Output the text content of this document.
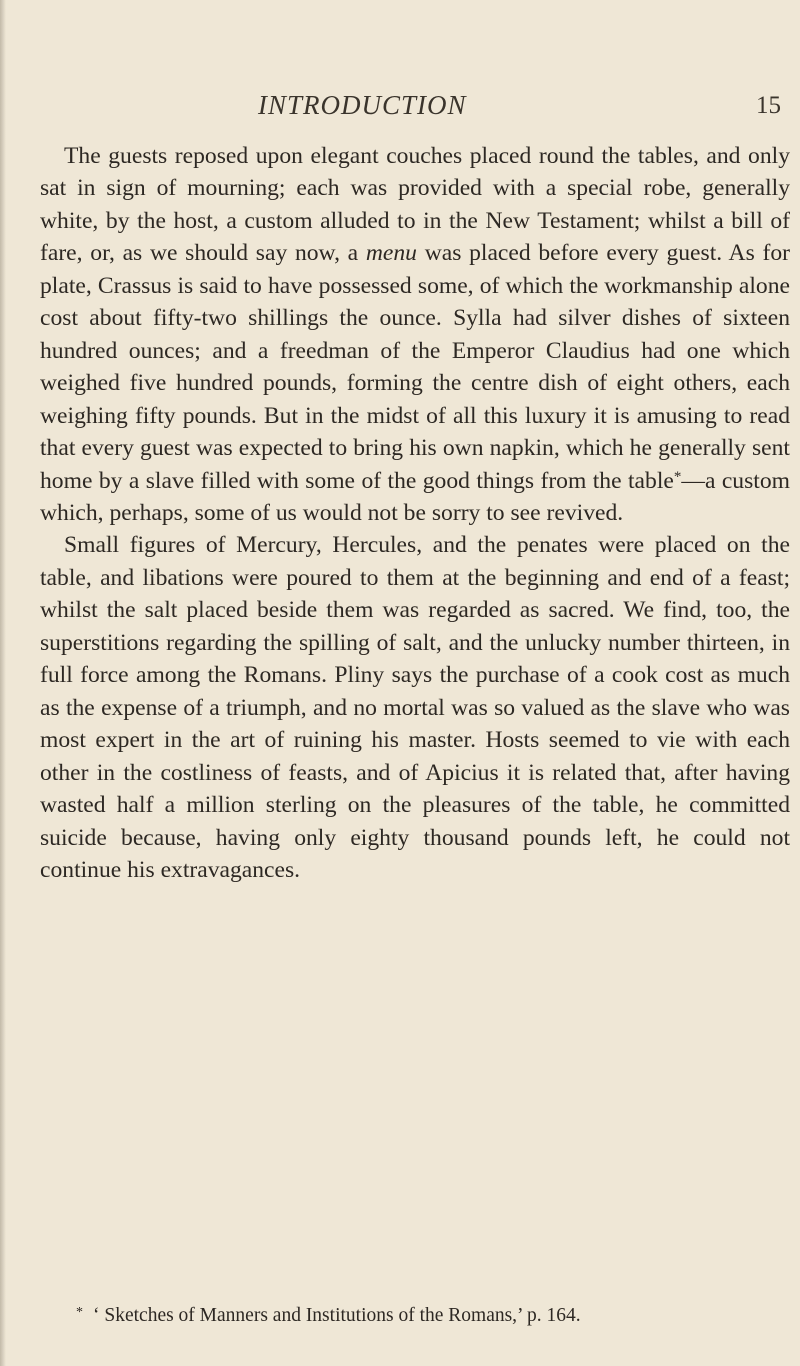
INTRODUCTION	15

The guests reposed upon elegant couches placed round the tables, and only sat in sign of mourning; each was provided with a special robe, generally white, by the host, a custom alluded to in the New Testament; whilst a bill of fare, or, as we should say now, a menu was placed before every guest. As for plate, Crassus is said to have possessed some, of which the workmanship alone cost about fifty-two shillings the ounce. Sylla had silver dishes of sixteen hundred ounces; and a freedman of the Emperor Claudius had one which weighed five hundred pounds, forming the centre dish of eight others, each weighing fifty pounds. But in the midst of all this luxury it is amusing to read that every guest was expected to bring his own napkin, which he generally sent home by a slave filled with some of the good things from the table*—a custom which, perhaps, some of us would not be sorry to see revived.

Small figures of Mercury, Hercules, and the penates were placed on the table, and libations were poured to them at the beginning and end of a feast; whilst the salt placed beside them was regarded as sacred. We find, too, the superstitions regarding the spilling of salt, and the unlucky number thirteen, in full force among the Romans. Pliny says the purchase of a cook cost as much as the expense of a triumph, and no mortal was so valued as the slave who was most expert in the art of ruining his master. Hosts seemed to vie with each other in the costliness of feasts, and of Apicius it is related that, after having wasted half a million sterling on the pleasures of the table, he committed suicide because, having only eighty thousand pounds left, he could not continue his extravagances.

* ‘ Sketches of Manners and Institutions of the Romans,’ p. 164.
